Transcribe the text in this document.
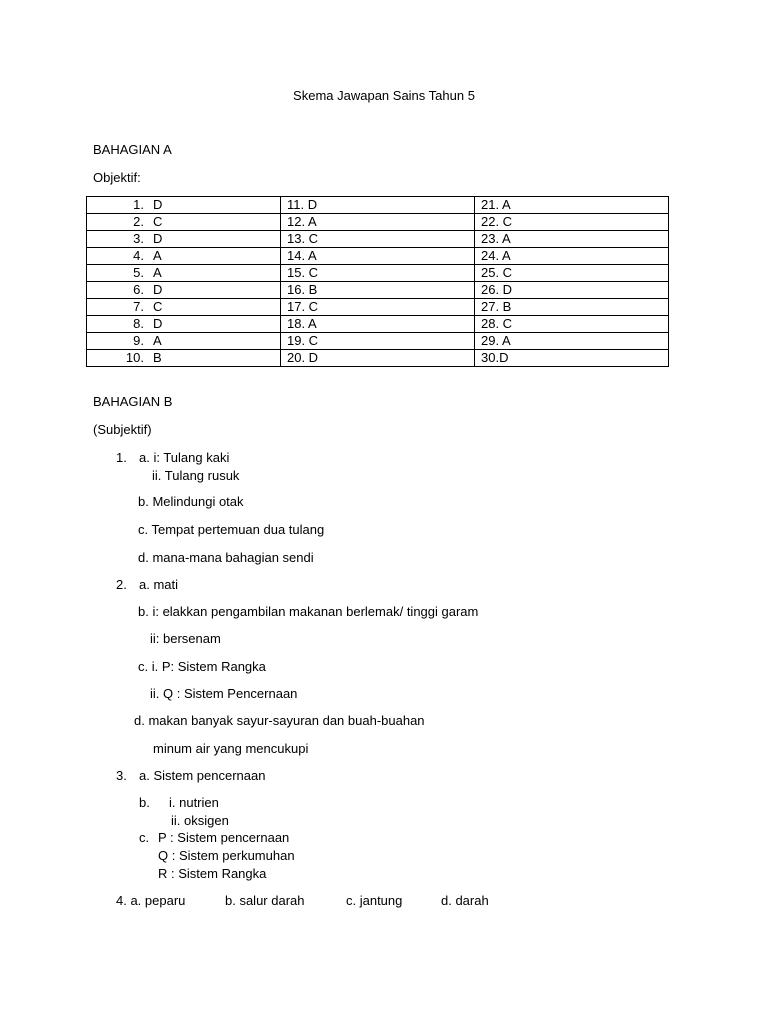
Skema Jawapan Sains Tahun 5
BAHAGIAN A
Objektif:
1. D	11. D	21. A
2. C	12. A	22. C
3. D	13. C	23. A
4. A	14. A	24. A
5. A	15. C	25. C
6. D	16. B	26. D
7. C	17. C	27. B
8. D	18. A	28. C
9. A	19. C	29. A
10. B	20. D	30.D
BAHAGIAN B
(Subjektif)
1. a. i: Tulang kaki
ii. Tulang rusuk
b. Melindungi otak
c. Tempat pertemuan dua tulang
d. mana-mana bahagian sendi
2. a. mati
b. i: elakkan pengambilan makanan berlemak/ tinggi garam
ii: bersenam
c. i. P: Sistem Rangka
ii. Q : Sistem Pencernaan
d. makan banyak sayur-sayuran dan buah-buahan
minum air yang mencukupi
3. a. Sistem pencernaan
b. i. nutrien
ii. oksigen
c. P : Sistem pencernaan
Q : Sistem perkumuhan
R : Sistem Rangka
4. a. peparu	b. salur darah	c. jantung	d. darah
